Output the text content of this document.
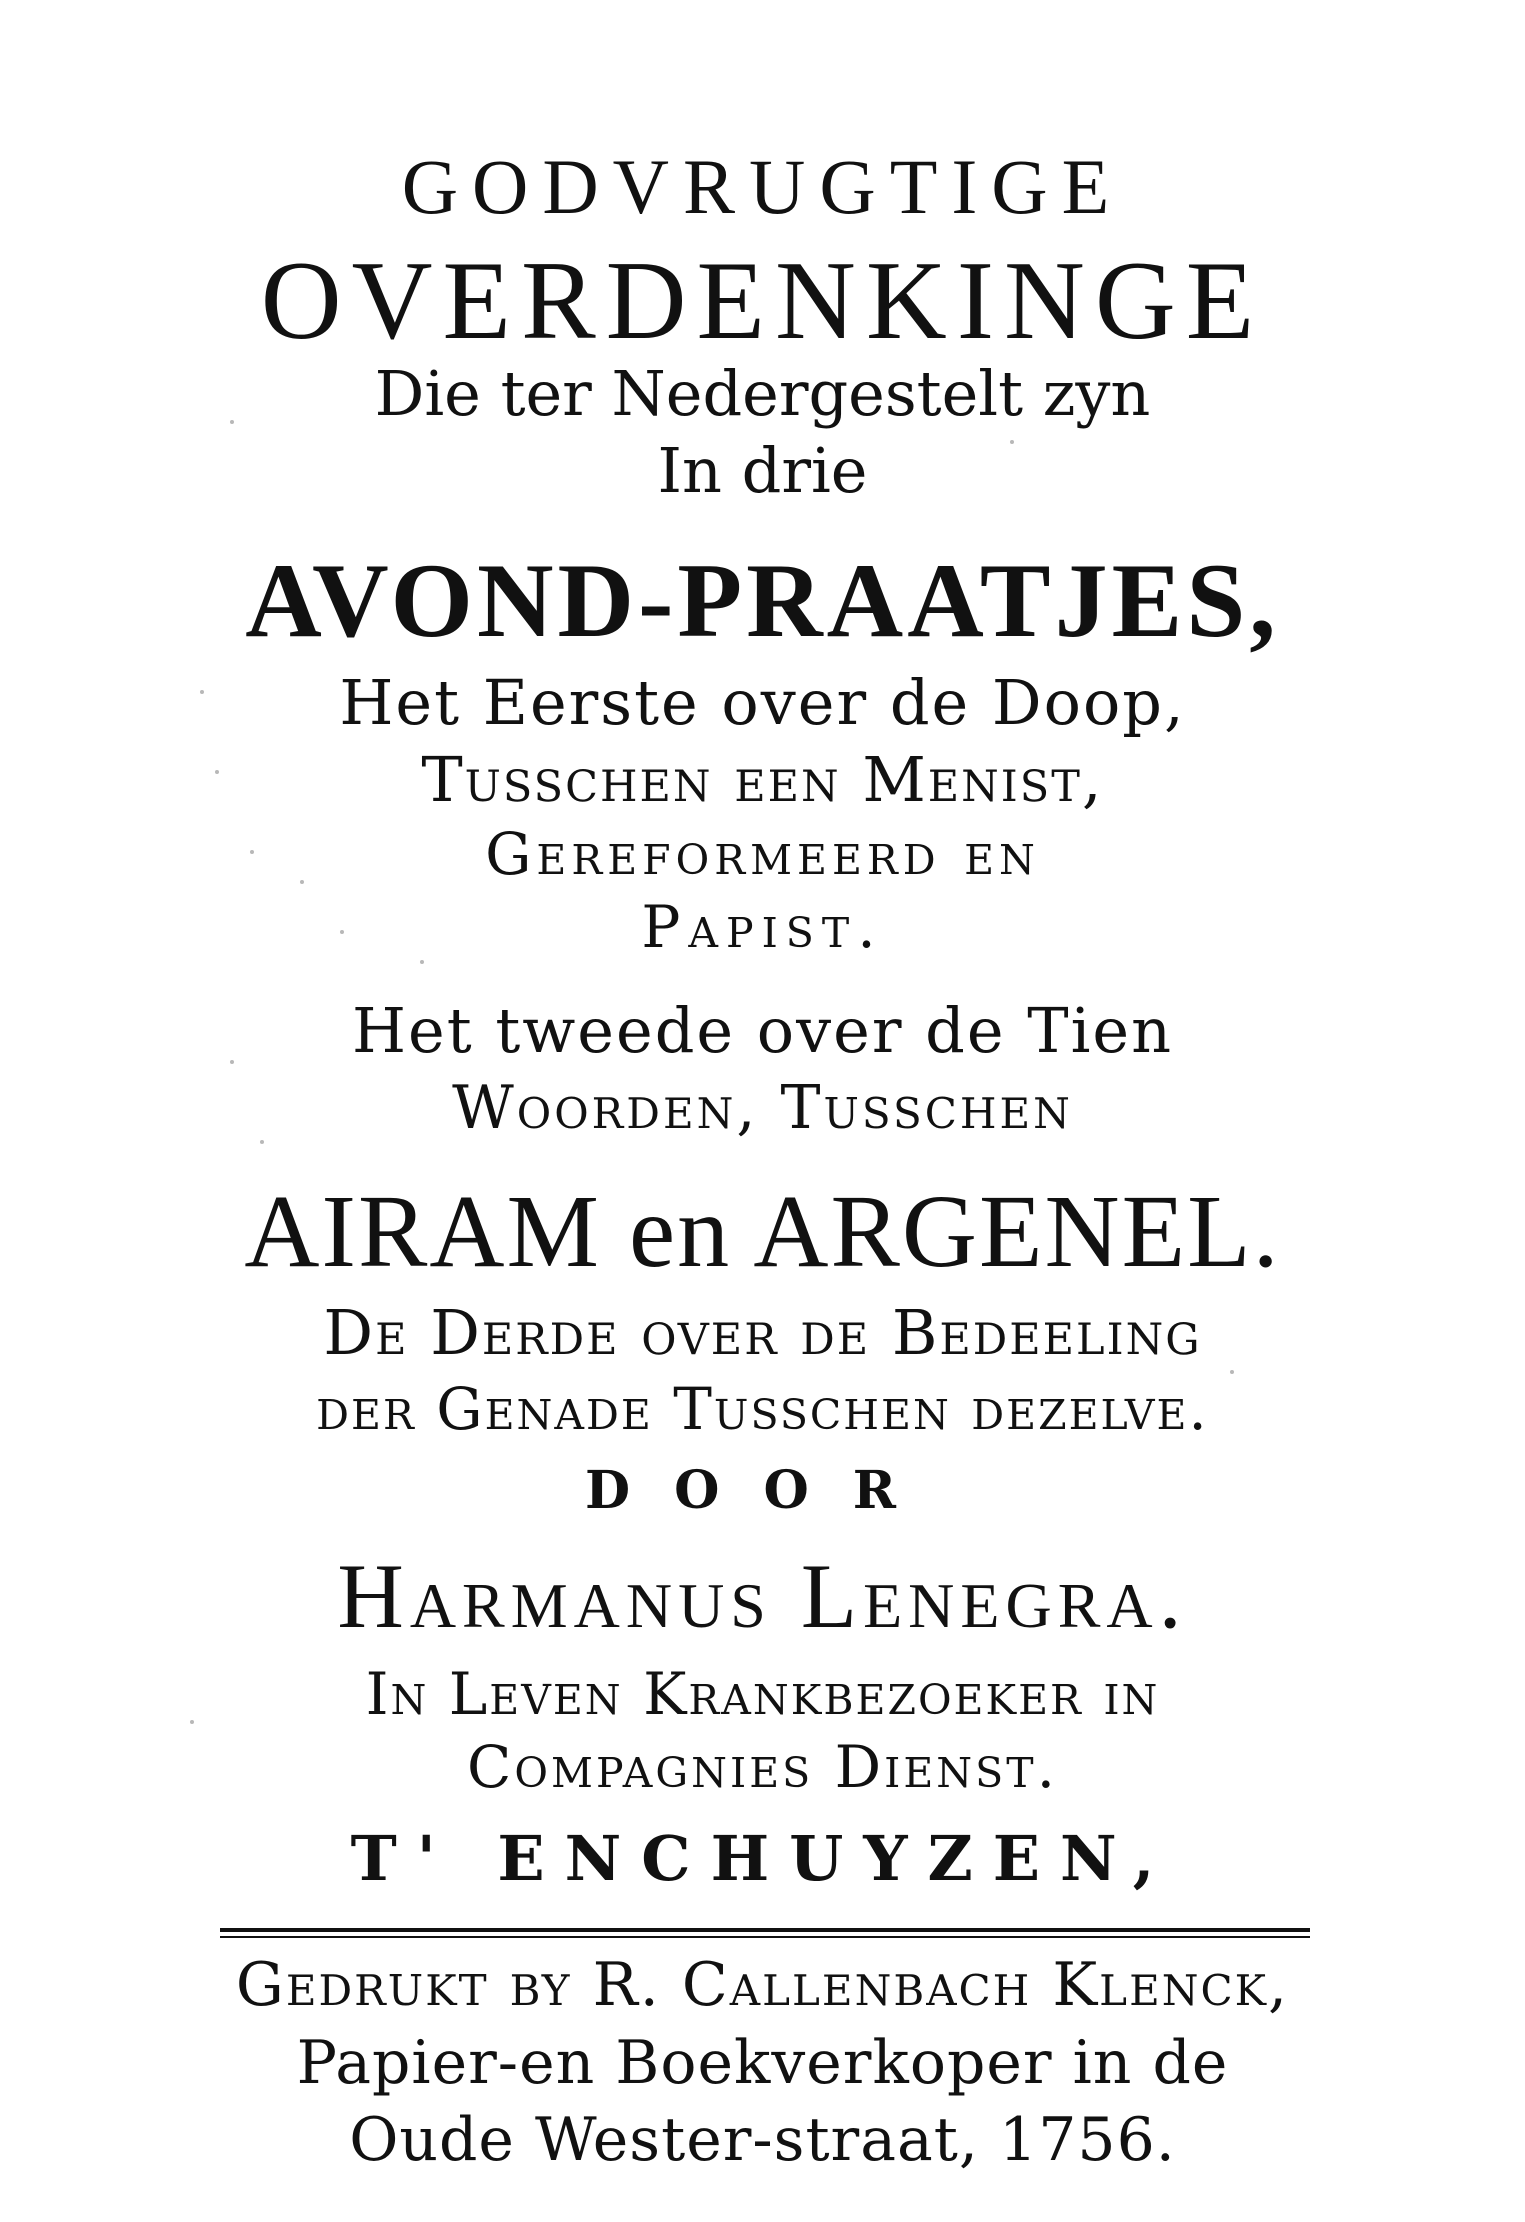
GODVRUGTIGE
OVERDENKINGE
Die ter Nedergestelt zyn
In drie
AVOND-PRAATJES,
Het Eerste over de Doop,
Tusschen een Menist,
Gereformeerd en
Papist.
Het tweede over de Tien
Woorden, Tusschen
AIRAM en ARGENEL.
De Derde over de Bedeeling
der Genade Tusschen dezelve.
DOOR
Harmanus Lenegra.
In Leven Krankbezoeker in
Compagnies Dienst.
T' ENCHUYZEN,
Gedrukt by R. Callenbach Klenck,
Papier-en Boekverkoper in de
Oude Wester-straat, 1756.
